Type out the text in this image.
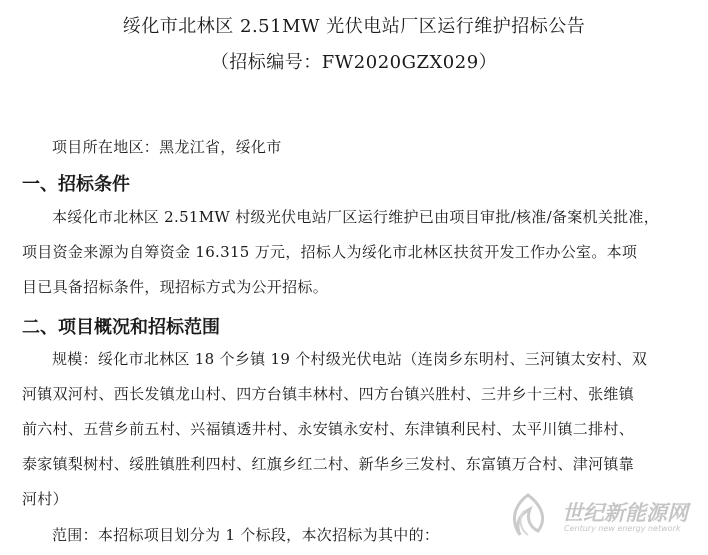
绥化市北林区 2.51MW 光伏电站厂区运行维护招标公告
（招标编号：FW2020GZX029）
项目所在地区：黑龙江省，绥化市
一、招标条件
本绥化市北林区 2.51MW 村级光伏电站厂区运行维护已由项目审批/核准/备案机关批准，
项目资金来源为自筹资金 16.315 万元，招标人为绥化市北林区扶贫开发工作办公室。本项
目已具备招标条件，现招标方式为公开招标。
二、项目概况和招标范围
规模：绥化市北林区 18 个乡镇 19 个村级光伏电站（连岗乡东明村、三河镇太安村、双
河镇双河村、西长发镇龙山村、四方台镇丰林村、四方台镇兴胜村、三井乡十三村、张维镇
前六村、五营乡前五村、兴福镇透井村、永安镇永安村、东津镇利民村、太平川镇二排村、
泰家镇梨树村、绥胜镇胜利四村、红旗乡红二村、新华乡三发村、东富镇万合村、津河镇靠
河村）
范围：本招标项目划分为 1 个标段，本次招标为其中的：
世纪新能源网
Century new energy network
